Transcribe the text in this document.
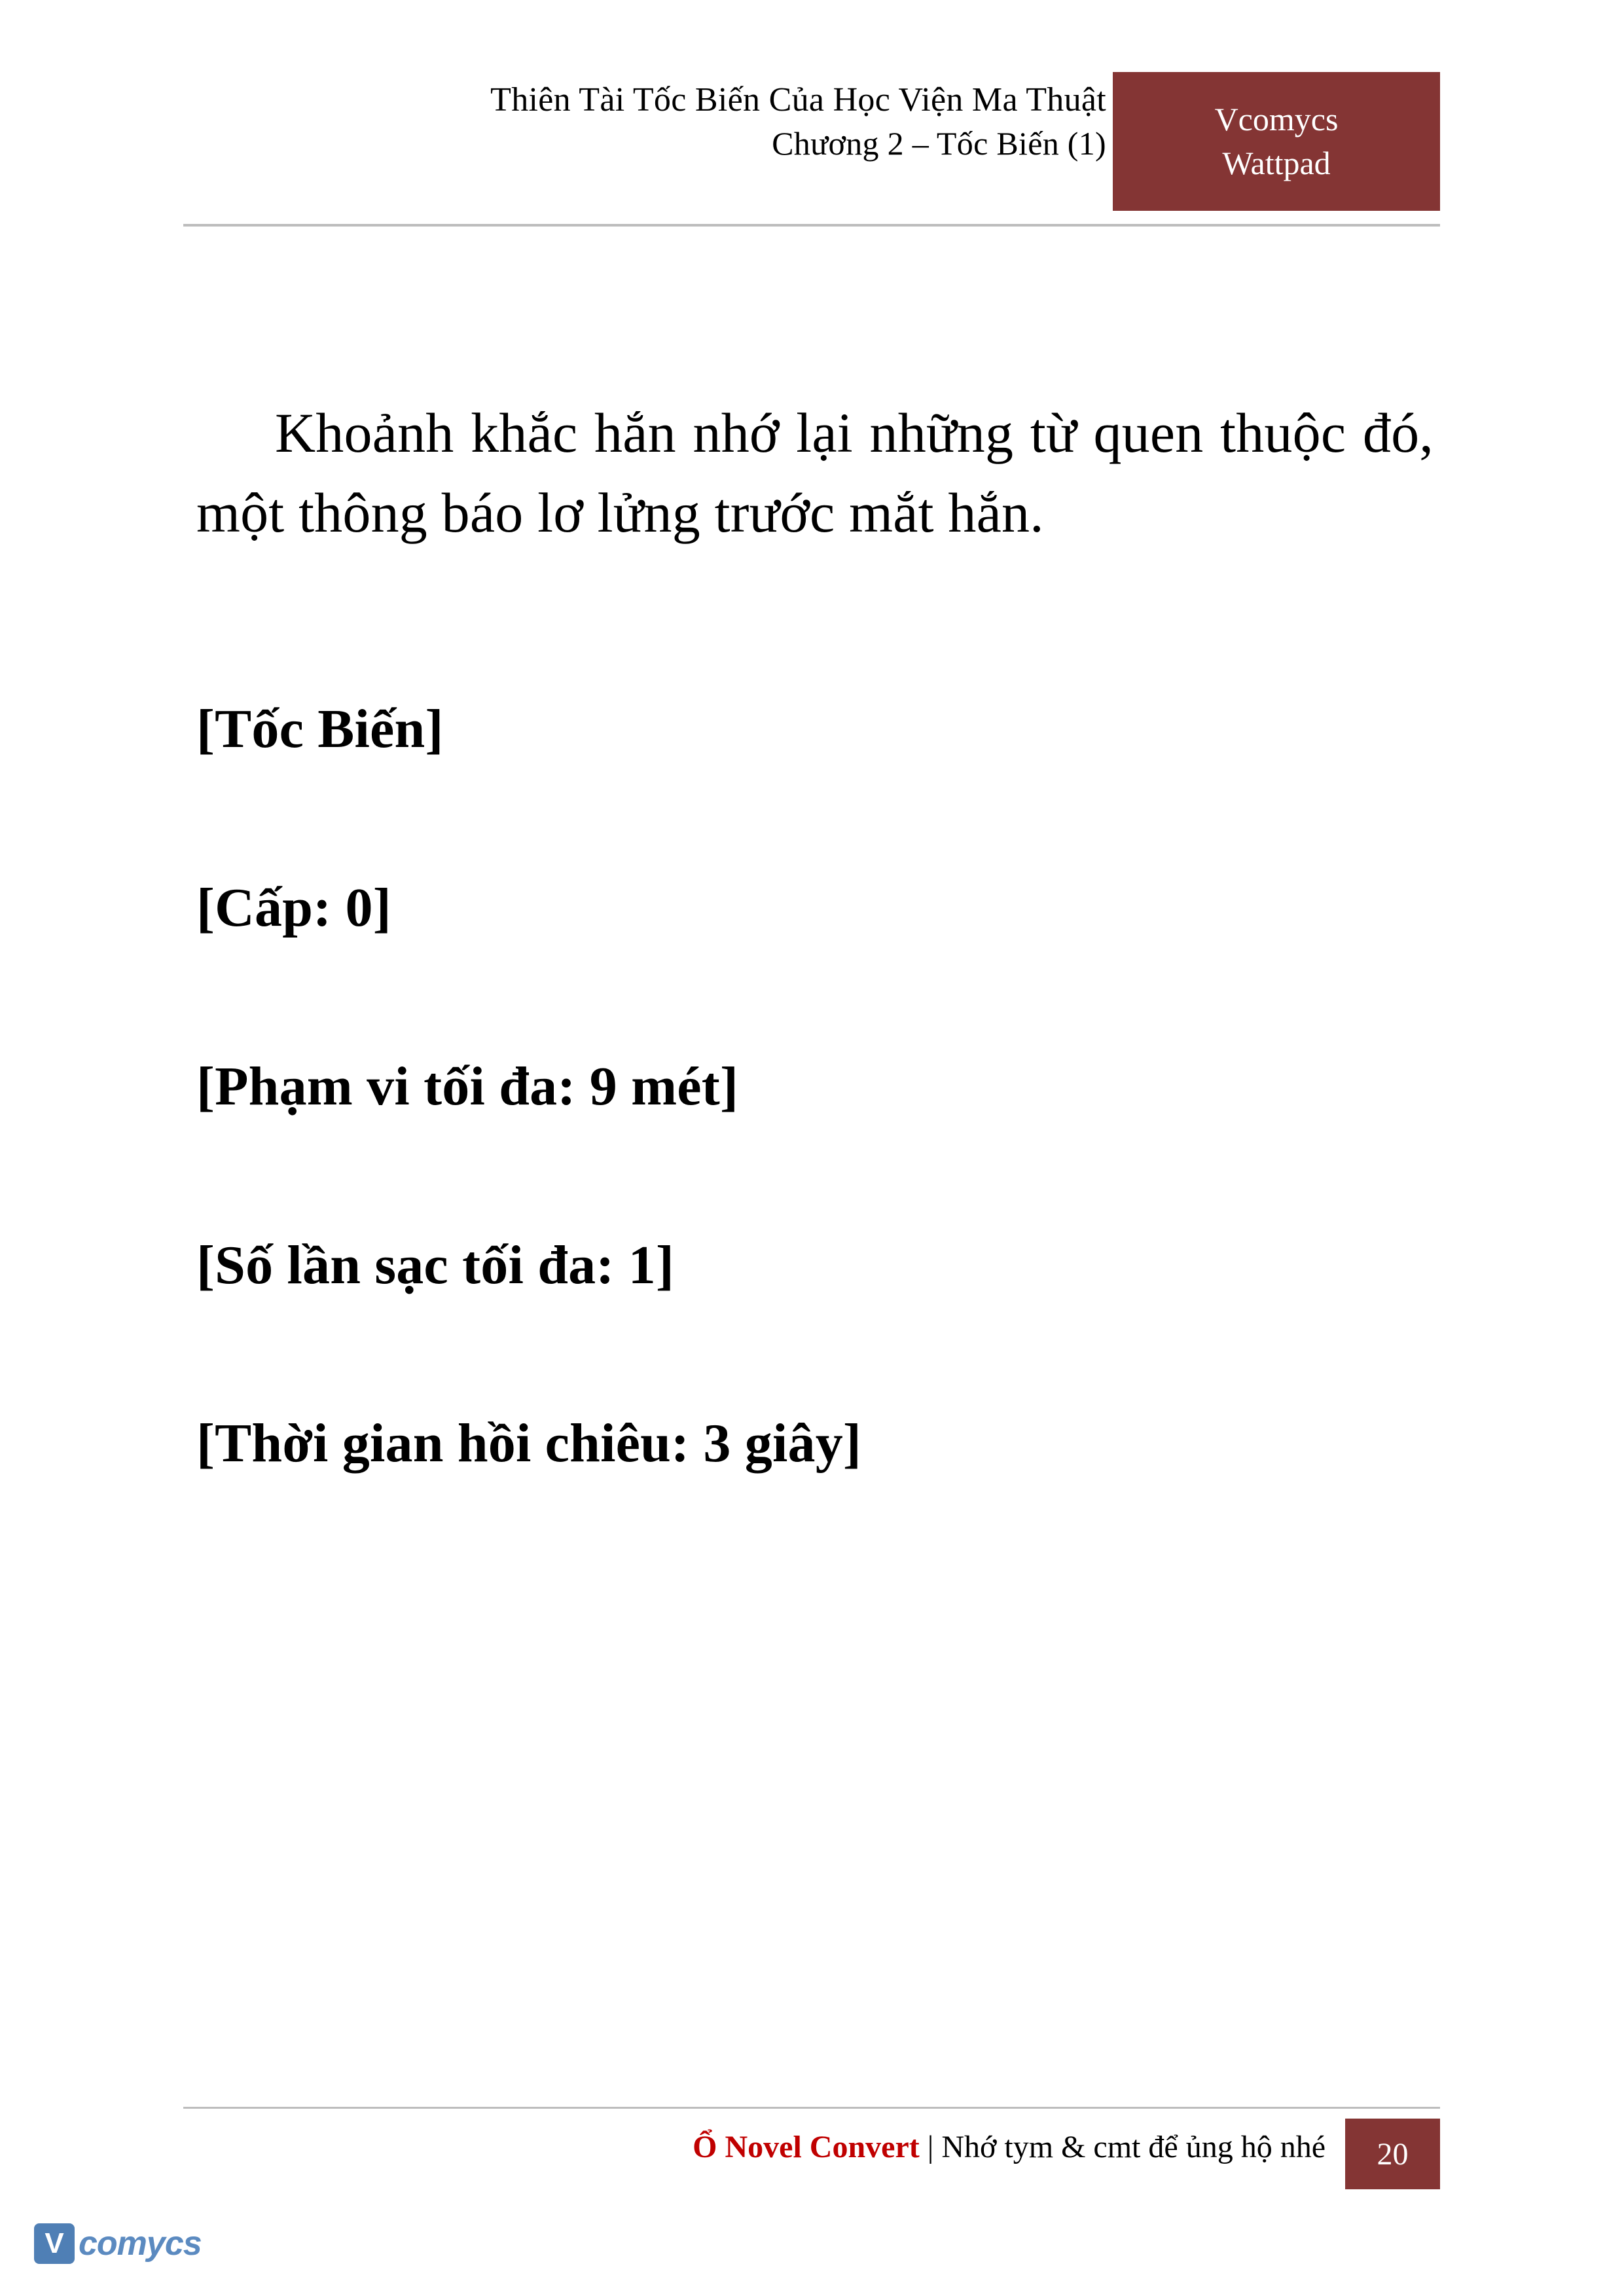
Thiên Tài Tốc Biến Của Học Viện Ma Thuật
Chương 2 – Tốc Biến (1)
Vcomycs
Wattpad

Khoảnh khắc hắn nhớ lại những từ quen thuộc đó, một thông báo lơ lửng trước mắt hắn.

[Tốc Biến]

[Cấp: 0]

[Phạm vi tối đa: 9 mét]

[Số lần sạc tối đa: 1]

[Thời gian hồi chiêu: 3 giây]

Ổ Novel Convert | Nhớ tym & cmt để ủng hộ nhé	20
V comycs
